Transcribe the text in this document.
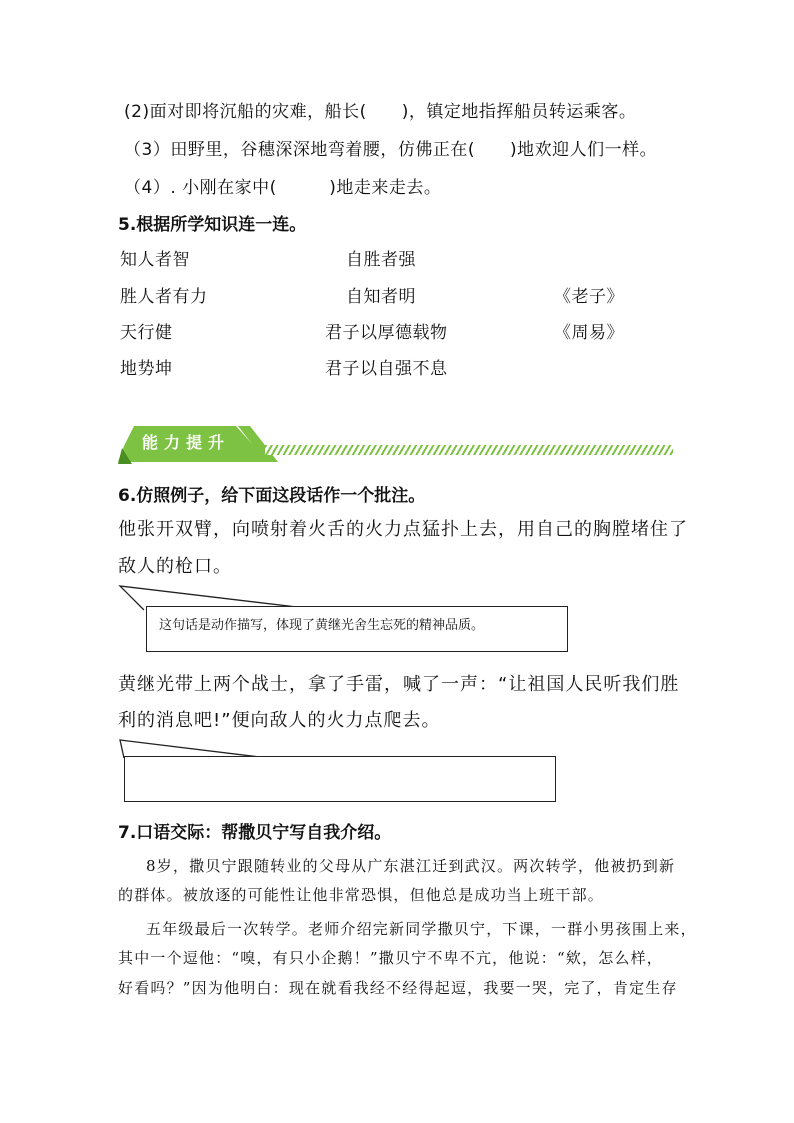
(2)面对即将沉船的灾难，船长(　　)，镇定地指挥船员转运乘客。
（3）田野里，谷穗深深地弯着腰，仿佛正在(　　)地欢迎人们一样。
（4）. 小刚在家中(　　　)地走来走去。
5.根据所学知识连一连。
知人者智
胜人者有力
天行健
地势坤
自胜者强
自知者明
君子以厚德载物
君子以自强不息
《老子》
《周易》
能力提升
6.仿照例子，给下面这段话作一个批注。
他张开双臂，向喷射着火舌的火力点猛扑上去，用自己的胸膛堵住了
敌人的枪口。
这句话是动作描写，体现了黄继光舍生忘死的精神品质。
黄继光带上两个战士，拿了手雷，喊了一声：“让祖国人民听我们胜
利的消息吧!”便向敌人的火力点爬去。
7.口语交际：帮撒贝宁写自我介绍。
8岁，撒贝宁跟随转业的父母从广东湛江迁到武汉。两次转学，他被扔到新
的群体。被放逐的可能性让他非常恐惧，但他总是成功当上班干部。
五年级最后一次转学。老师介绍完新同学撒贝宁，下课，一群小男孩围上来，
其中一个逗他：“嗅，有只小企鹅！”撒贝宁不卑不亢，他说：“欸，怎么样，
好看吗？”因为他明白：现在就看我经不经得起逗，我要一哭，完了，肯定生存
